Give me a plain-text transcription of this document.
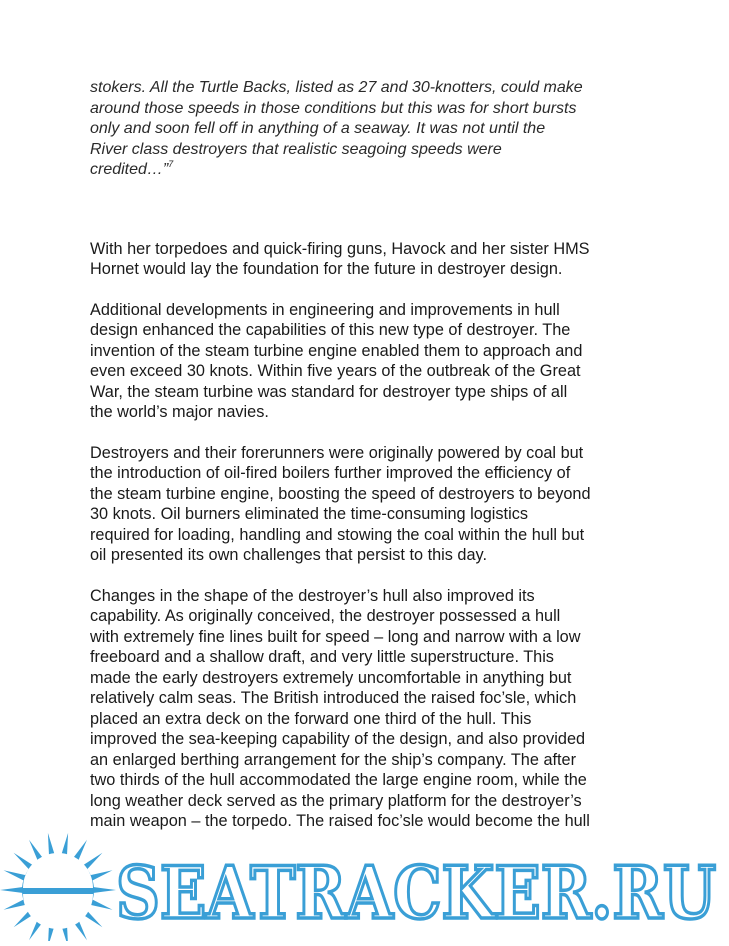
stokers. All the Turtle Backs, listed as 27 and 30-knotters, could make
around those speeds in those conditions but this was for short bursts
only and soon fell off in anything of a seaway. It was not until the
River class destroyers that realistic seagoing speeds were
credited…”$^7$

With her torpedoes and quick-firing guns, Havock and her sister HMS
Hornet would lay the foundation for the future in destroyer design.

Additional developments in engineering and improvements in hull
design enhanced the capabilities of this new type of destroyer. The
invention of the steam turbine engine enabled them to approach and
even exceed 30 knots. Within five years of the outbreak of the Great
War, the steam turbine was standard for destroyer type ships of all
the world’s major navies.

Destroyers and their forerunners were originally powered by coal but
the introduction of oil-fired boilers further improved the efficiency of
the steam turbine engine, boosting the speed of destroyers to beyond
30 knots. Oil burners eliminated the time-consuming logistics
required for loading, handling and stowing the coal within the hull but
oil presented its own challenges that persist to this day.

Changes in the shape of the destroyer’s hull also improved its
capability. As originally conceived, the destroyer possessed a hull
with extremely fine lines built for speed – long and narrow with a low
freeboard and a shallow draft, and very little superstructure. This
made the early destroyers extremely uncomfortable in anything but
relatively calm seas. The British introduced the raised foc’sle, which
placed an extra deck on the forward one third of the hull. This
improved the sea-keeping capability of the design, and also provided
an enlarged berthing arrangement for the ship’s company. The after
two thirds of the hull accommodated the large engine room, while the
long weather deck served as the primary platform for the destroyer’s
main weapon – the torpedo. The raised foc’sle would become the hull

SEATRACKER.RU
